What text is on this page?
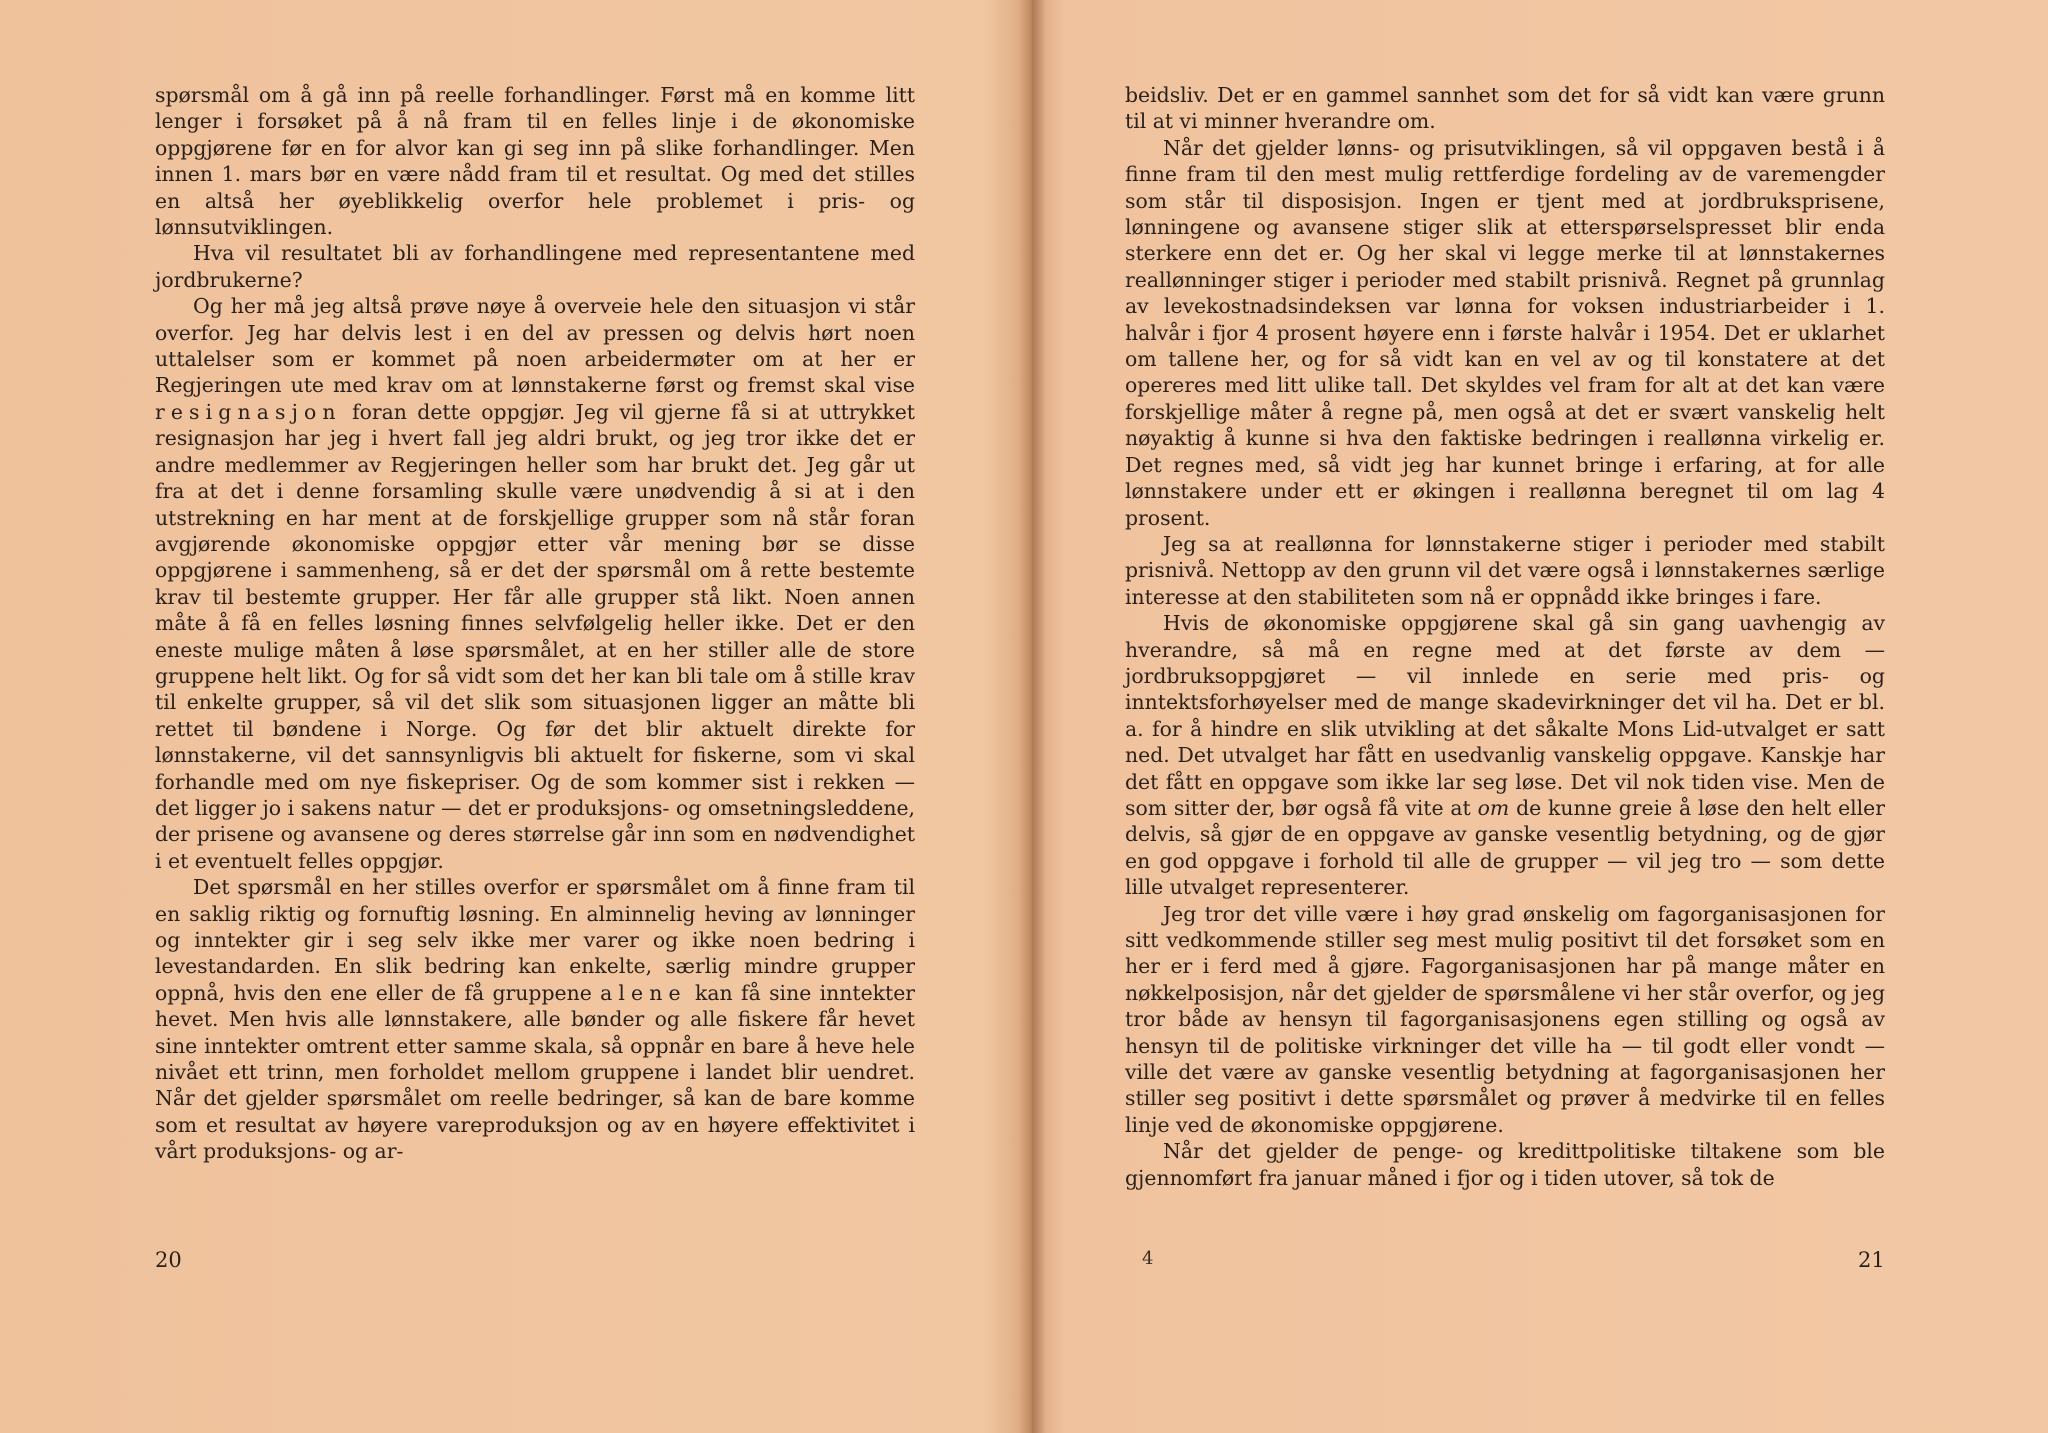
spørsmål om å gå inn på reelle forhandlinger. Først må en komme litt lenger i forsøket på å nå fram til en felles linje i de økonomiske oppgjørene før en for alvor kan gi seg inn på slike forhandlinger. Men innen 1. mars bør en være nådd fram til et resultat. Og med det stilles en altså her øyeblikkelig overfor hele problemet i pris- og lønnsutviklingen.

Hva vil resultatet bli av forhandlingene med representantene med jordbrukerne?

Og her må jeg altså prøve nøye å overveie hele den situasjon vi står overfor. Jeg har delvis lest i en del av pressen og delvis hørt noen uttalelser som er kommet på noen arbeidermøter om at her er Regjeringen ute med krav om at lønnstakerne først og fremst skal vise resignasjon foran dette oppgjør. Jeg vil gjerne få si at uttrykket resignasjon har jeg i hvert fall jeg aldri brukt, og jeg tror ikke det er andre medlemmer av Regjeringen heller som har brukt det. Jeg går ut fra at det i denne forsamling skulle være unødvendig å si at i den utstrekning en har ment at de forskjellige grupper som nå står foran avgjørende økonomiske oppgjør etter vår mening bør se disse oppgjørene i sammenheng, så er det der spørsmål om å rette bestemte krav til bestemte grupper. Her får alle grupper stå likt. Noen annen måte å få en felles løsning finnes selvfølgelig heller ikke. Det er den eneste mulige måten å løse spørsmålet, at en her stiller alle de store gruppene helt likt. Og for så vidt som det her kan bli tale om å stille krav til enkelte grupper, så vil det slik som situasjonen ligger an måtte bli rettet til bøndene i Norge. Og før det blir aktuelt direkte for lønnstakerne, vil det sannsynligvis bli aktuelt for fiskerne, som vi skal forhandle med om nye fiskepriser. Og de som kommer sist i rekken — det ligger jo i sakens natur — det er produksjons- og omsetningsleddene, der prisene og avansene og deres størrelse går inn som en nødvendighet i et eventuelt felles oppgjør.

Det spørsmål en her stilles overfor er spørsmålet om å finne fram til en saklig riktig og fornuftig løsning. En alminnelig heving av lønninger og inntekter gir i seg selv ikke mer varer og ikke noen bedring i levestandarden. En slik bedring kan enkelte, særlig mindre grupper oppnå, hvis den ene eller de få gruppene alene kan få sine inntekter hevet. Men hvis alle lønnstakere, alle bønder og alle fiskere får hevet sine inntekter omtrent etter samme skala, så oppnår en bare å heve hele nivået ett trinn, men forholdet mellom gruppene i landet blir uendret. Når det gjelder spørsmålet om reelle bedringer, så kan de bare komme som et resultat av høyere vareproduksjon og av en høyere effektivitet i vårt produksjons- og ar-

20

beidsliv. Det er en gammel sannhet som det for så vidt kan være grunn til at vi minner hverandre om.

Når det gjelder lønns- og prisutviklingen, så vil oppgaven bestå i å finne fram til den mest mulig rettferdige fordeling av de varemengder som står til disposisjon. Ingen er tjent med at jordbruksprisene, lønningene og avansene stiger slik at etterspørselspresset blir enda sterkere enn det er. Og her skal vi legge merke til at lønnstakernes reallønninger stiger i perioder med stabilt prisnivå. Regnet på grunnlag av levekostnadsindeksen var lønna for voksen industriarbeider i 1. halvår i fjor 4 prosent høyere enn i første halvår i 1954. Det er uklarhet om tallene her, og for så vidt kan en vel av og til konstatere at det opereres med litt ulike tall. Det skyldes vel fram for alt at det kan være forskjellige måter å regne på, men også at det er svært vanskelig helt nøyaktig å kunne si hva den faktiske bedringen i reallønna virkelig er. Det regnes med, så vidt jeg har kunnet bringe i erfaring, at for alle lønnstakere under ett er økingen i reallønna beregnet til om lag 4 prosent.

Jeg sa at reallønna for lønnstakerne stiger i perioder med stabilt prisnivå. Nettopp av den grunn vil det være også i lønnstakernes særlige interesse at den stabiliteten som nå er oppnådd ikke bringes i fare.

Hvis de økonomiske oppgjørene skal gå sin gang uavhengig av hverandre, så må en regne med at det første av dem — jordbruksoppgjøret — vil innlede en serie med pris- og inntektsforhøyelser med de mange skadevirkninger det vil ha. Det er bl. a. for å hindre en slik utvikling at det såkalte Mons Lid-utvalget er satt ned. Det utvalget har fått en usedvanlig vanskelig oppgave. Kanskje har det fått en oppgave som ikke lar seg løse. Det vil nok tiden vise. Men de som sitter der, bør også få vite at om de kunne greie å løse den helt eller delvis, så gjør de en oppgave av ganske vesentlig betydning, og de gjør en god oppgave i forhold til alle de grupper — vil jeg tro — som dette lille utvalget representerer.

Jeg tror det ville være i høy grad ønskelig om fagorganisasjonen for sitt vedkommende stiller seg mest mulig positivt til det forsøket som en her er i ferd med å gjøre. Fagorganisasjonen har på mange måter en nøkkelposisjon, når det gjelder de spørsmålene vi her står overfor, og jeg tror både av hensyn til fagorganisasjonens egen stilling og også av hensyn til de politiske virkninger det ville ha — til godt eller vondt — ville det være av ganske vesentlig betydning at fagorganisasjonen her stiller seg positivt i dette spørsmålet og prøver å medvirke til en felles linje ved de økonomiske oppgjørene.

Når det gjelder de penge- og kredittpolitiske tiltakene som ble gjennomført fra januar måned i fjor og i tiden utover, så tok de

4	21
